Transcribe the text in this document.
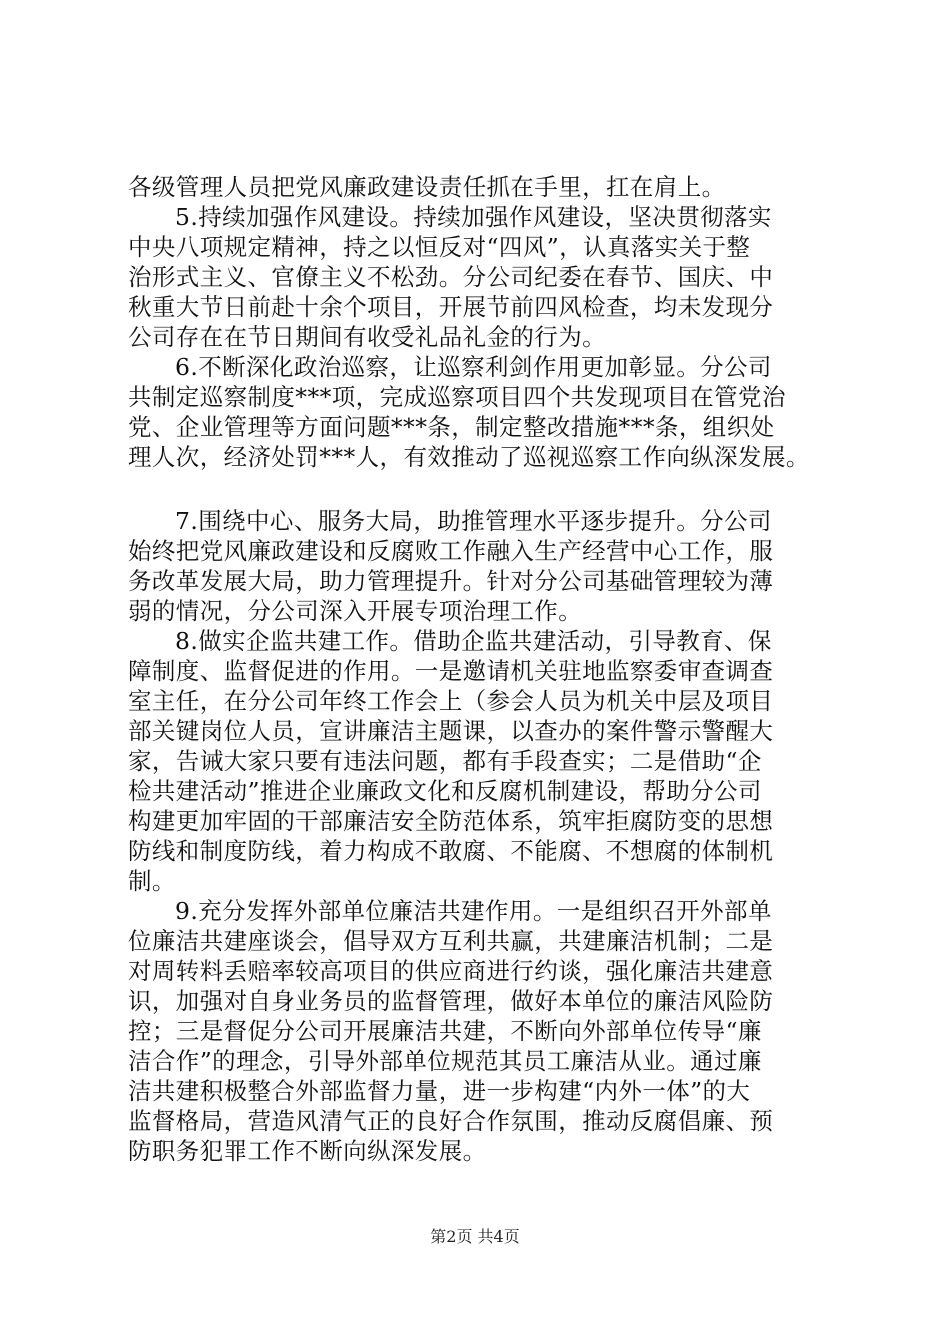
各级管理人员把党风廉政建设责任抓在手里，扛在肩上。
5.持续加强作风建设。持续加强作风建设，坚决贯彻落实
中央八项规定精神，持之以恒反对“四风”，认真落实关于整
治形式主义、官僚主义不松劲。分公司纪委在春节、国庆、中
秋重大节日前赴十余个项目，开展节前四风检查，均未发现分
公司存在在节日期间有收受礼品礼金的行为。
6.不断深化政治巡察，让巡察利剑作用更加彰显。分公司
共制定巡察制度***项，完成巡察项目四个共发现项目在管党治
党、企业管理等方面问题***条，制定整改措施***条，组织处
理人次，经济处罚***人，有效推动了巡视巡察工作向纵深发展。
7.围绕中心、服务大局，助推管理水平逐步提升。分公司
始终把党风廉政建设和反腐败工作融入生产经营中心工作，服
务改革发展大局，助力管理提升。针对分公司基础管理较为薄
弱的情况，分公司深入开展专项治理工作。
8.做实企监共建工作。借助企监共建活动，引导教育、保
障制度、监督促进的作用。一是邀请机关驻地监察委审查调查
室主任，在分公司年终工作会上（参会人员为机关中层及项目
部关键岗位人员，宣讲廉洁主题课，以查办的案件警示警醒大
家，告诫大家只要有违法问题，都有手段查实；二是借助“企
检共建活动”推进企业廉政文化和反腐机制建设，帮助分公司
构建更加牢固的干部廉洁安全防范体系，筑牢拒腐防变的思想
防线和制度防线，着力构成不敢腐、不能腐、不想腐的体制机
制。
9.充分发挥外部单位廉洁共建作用。一是组织召开外部单
位廉洁共建座谈会，倡导双方互利共赢，共建廉洁机制；二是
对周转料丢赔率较高项目的供应商进行约谈，强化廉洁共建意
识，加强对自身业务员的监督管理，做好本单位的廉洁风险防
控；三是督促分公司开展廉洁共建，不断向外部单位传导“廉
洁合作”的理念，引导外部单位规范其员工廉洁从业。通过廉
洁共建积极整合外部监督力量，进一步构建“内外一体”的大
监督格局，营造风清气正的良好合作氛围，推动反腐倡廉、预
防职务犯罪工作不断向纵深发展。
第2页 共4页
